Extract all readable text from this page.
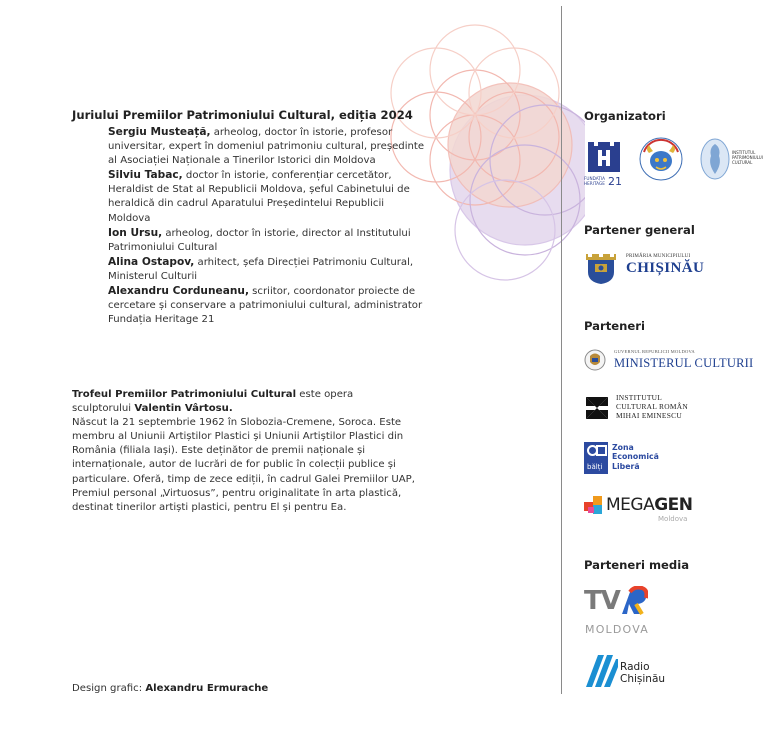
Juriului Premiilor Patrimoniului Cultural, ediția 2024

Sergiu Musteață, arheolog, doctor în istorie, profesor universitar, expert în domeniul patrimoniu cultural, președinte al Asociației Naționale a Tinerilor Istorici din Moldova

Silviu Tabac, doctor în istorie, conferențiar cercetător, Heraldist de Stat al Republicii Moldova, șeful Cabinetului de heraldică din cadrul Aparatului Președintelui Republicii Moldova

Ion Ursu, arheolog, doctor în istorie, director al Institutului Patrimoniului Cultural

Alina Ostapov, arhitect, șefa Direcției Patrimoniu Cultural, Ministerul Culturii

Alexandru Corduneanu, scriitor, coordonator proiecte de cercetare și conservare a patrimoniului cultural, administrator Fundația Heritage 21

Trofeul Premiilor Patrimoniului Cultural este opera

sculptorului Valentin Vârtosu.

Născut la 21 septembrie 1962 în Slobozia-Cremene, Soroca. Este membru al Uniunii Artiștilor Plastici și Uniunii Artiștilor Plastici din România (filiala Iași). Este deținător de premii naționale și internaționale, autor de lucrări de for public în colecții publice și particulare. Oferă, timp de zece ediții, în cadrul Galei Premiilor UAP, Premiul personal „Virtuosus”, pentru originalitate în arta plastică, destinat tinerilor artiști plastici, pentru El și pentru Ea.

Design grafic: Alexandru Ermurache
Organizatori
FUNDAȚIA HERITAGE 21
INSTITUTUL PATRIMONIULUI CULTURAL
Partener general
PRIMĂRIA MUNICIPIULUI
CHIȘINĂU
Parteneri
GUVERNUL REPUBLICII MOLDOVA
MINISTERUL CULTURII
INSTITUTUL
CULTURAL ROMÂN
MIHAI EMINESCU
bălți
Zona
Economică
Liberă
MEGAGEN
Moldova
Parteneri media
TV
MOLDOVA
Radio
Chișinău
